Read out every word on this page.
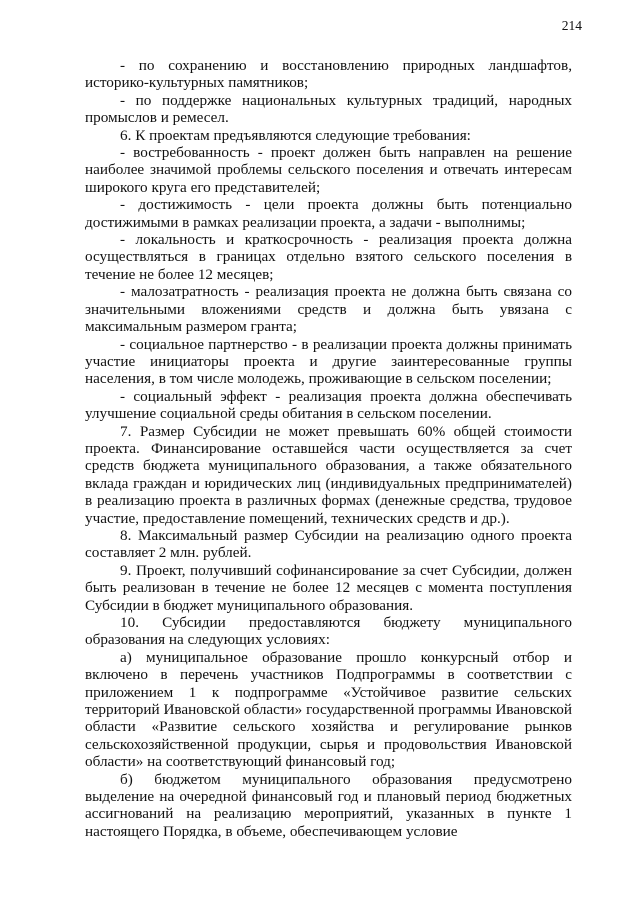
214

- по сохранению и восстановлению природных ландшафтов, историко-культурных памятников;

- по поддержке национальных культурных традиций, народных промыслов и ремесел.

6. К проектам предъявляются следующие требования:

- востребованность - проект должен быть направлен на решение наиболее значимой проблемы сельского поселения и отвечать интересам широкого круга его представителей;

- достижимость - цели проекта должны быть потенциально достижимыми в рамках реализации проекта, а задачи - выполнимы;

- локальность и краткосрочность - реализация проекта должна осуществляться в границах отдельно взятого сельского поселения в течение не более 12 месяцев;

- малозатратность - реализация проекта не должна быть связана со значительными вложениями средств и должна быть увязана с максимальным размером гранта;

- социальное партнерство - в реализации проекта должны принимать участие инициаторы проекта и другие заинтересованные группы населения, в том числе молодежь, проживающие в сельском поселении;

- социальный эффект - реализация проекта должна обеспечивать улучшение социальной среды обитания в сельском поселении.

7. Размер Субсидии не может превышать 60% общей стоимости проекта. Финансирование оставшейся части осуществляется за счет средств бюджета муниципального образования, а также обязательного вклада граждан и юридических лиц (индивидуальных предпринимателей) в реализацию проекта в различных формах (денежные средства, трудовое участие, предоставление помещений, технических средств и др.).

8. Максимальный размер Субсидии на реализацию одного проекта составляет 2 млн. рублей.

9. Проект, получивший софинансирование за счет Субсидии, должен быть реализован в течение не более 12 месяцев с момента поступления Субсидии в бюджет муниципального образования.

10. Субсидии предоставляются бюджету муниципального образования на следующих условиях:

а) муниципальное образование прошло конкурсный отбор и включено в перечень участников Подпрограммы в соответствии с приложением 1 к подпрограмме «Устойчивое развитие сельских территорий Ивановской области» государственной программы Ивановской области «Развитие сельского хозяйства и регулирование рынков сельскохозяйственной продукции, сырья и продовольствия Ивановской области» на соответствующий финансовый год;

б) бюджетом муниципального образования предусмотрено выделение на очередной финансовый год и плановый период бюджетных ассигнований на реализацию мероприятий, указанных в пункте 1 настоящего Порядка, в объеме, обеспечивающем условие
